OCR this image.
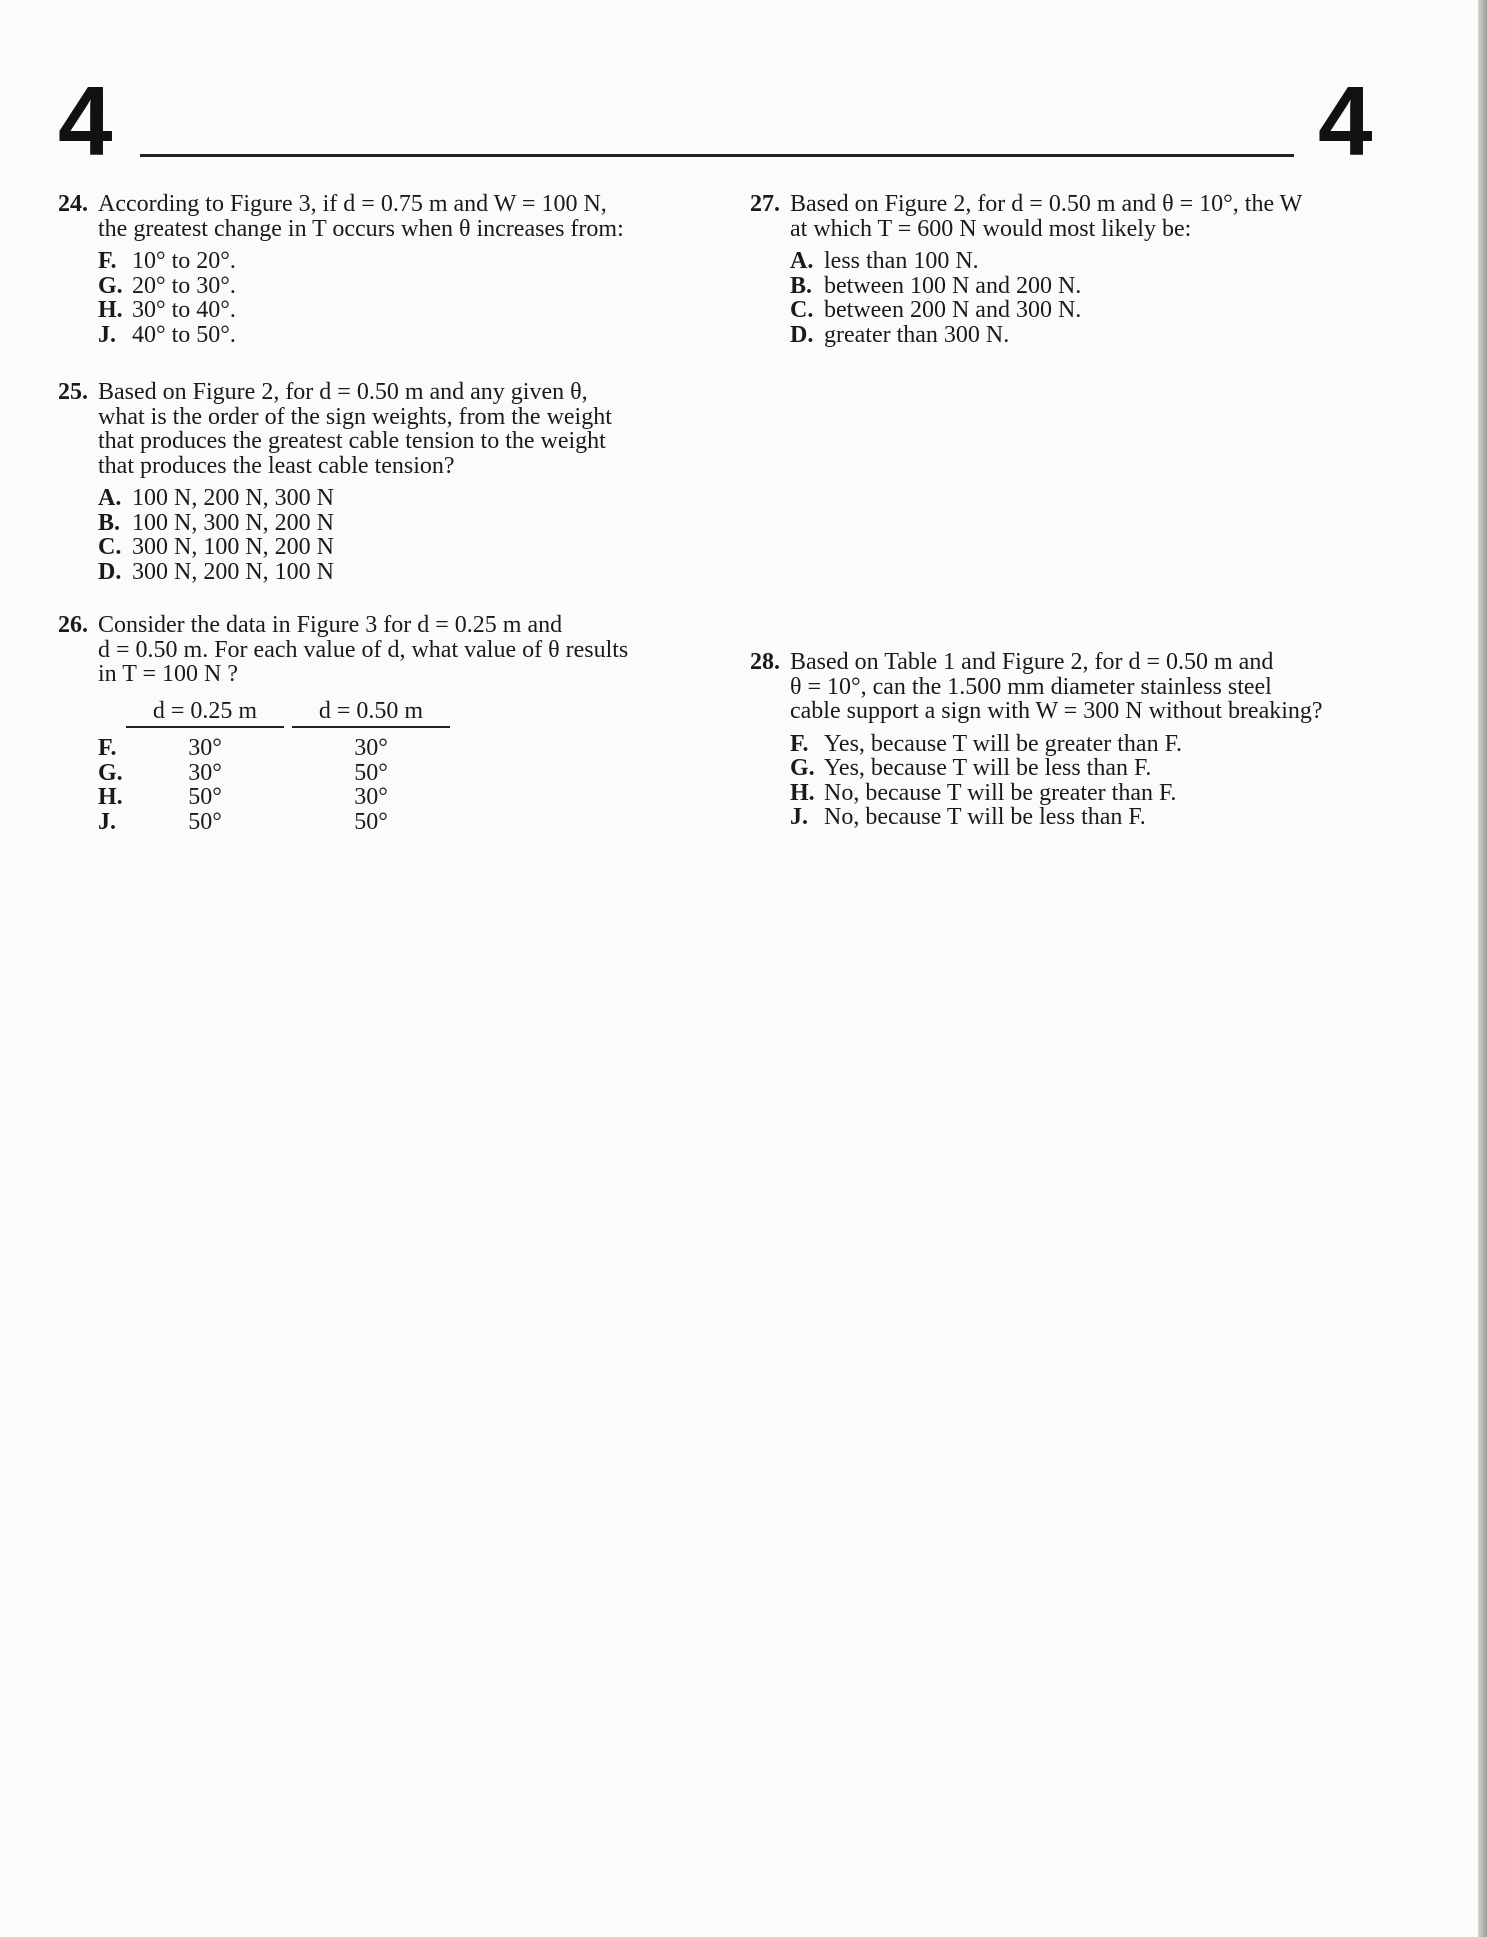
4	4
24. According to Figure 3, if d = 0.75 m and W = 100 N,
the greatest change in T occurs when θ increases from:
F. 10° to 20°.
G. 20° to 30°.
H. 30° to 40°.
J. 40° to 50°.
25. Based on Figure 2, for d = 0.50 m and any given θ,
what is the order of the sign weights, from the weight
that produces the greatest cable tension to the weight
that produces the least cable tension?
A. 100 N, 200 N, 300 N
B. 100 N, 300 N, 200 N
C. 300 N, 100 N, 200 N
D. 300 N, 200 N, 100 N
26. Consider the data in Figure 3 for d = 0.25 m and
d = 0.50 m. For each value of d, what value of θ results
in T = 100 N ?
d = 0.25 m	d = 0.50 m
F.	30°	30°
G.	30°	50°
H.	50°	30°
J.	50°	50°
27. Based on Figure 2, for d = 0.50 m and θ = 10°, the W
at which T = 600 N would most likely be:
A. less than 100 N.
B. between 100 N and 200 N.
C. between 200 N and 300 N.
D. greater than 300 N.
28. Based on Table 1 and Figure 2, for d = 0.50 m and
θ = 10°, can the 1.500 mm diameter stainless steel
cable support a sign with W = 300 N without breaking?
F. Yes, because T will be greater than F.
G. Yes, because T will be less than F.
H. No, because T will be greater than F.
J. No, because T will be less than F.
